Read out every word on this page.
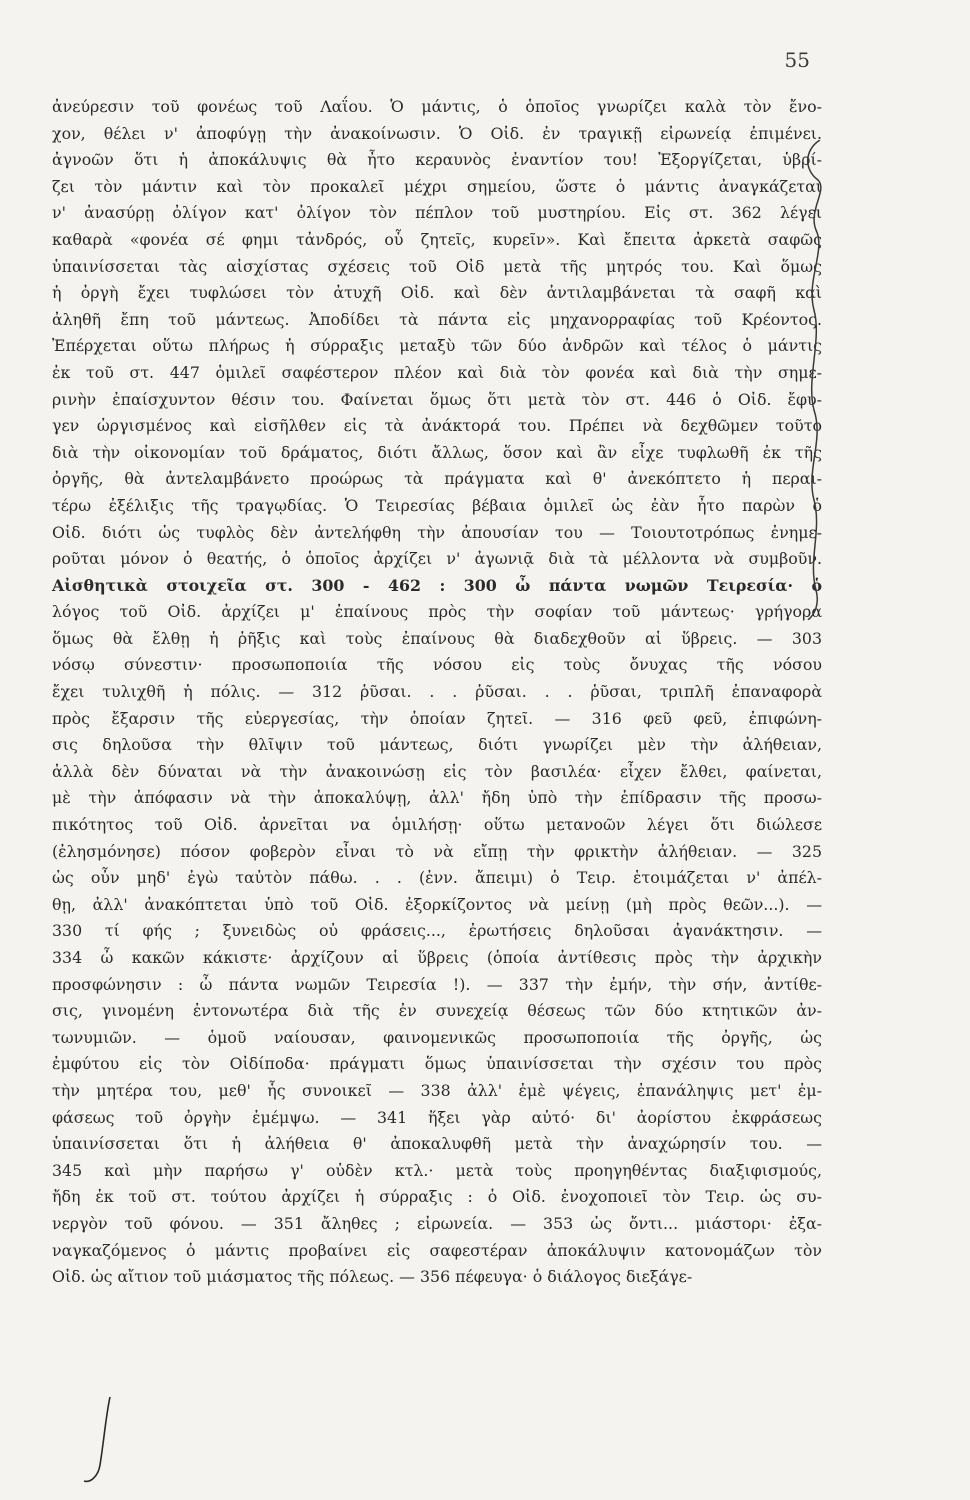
55
ἀνεύρεσιν τοῦ φονέως τοῦ Λαΐου. Ὁ μάντις, ὁ ὁποῖος γνωρίζει καλὰ τὸν ἔνο-
χον, θέλει ν' ἀποφύγῃ τὴν ἀνακοίνωσιν. Ὁ Οἰδ. ἐν τραγικῇ εἰρωνείᾳ ἐπιμένει.
ἀγνοῶν ὅτι ἡ ἀποκάλυψις θὰ ἦτο κεραυνὸς ἐναντίον του! Ἐξοργίζεται, ὑβρί-
ζει τὸν μάντιν καὶ τὸν προκαλεῖ μέχρι σημείου, ὥστε ὁ μάντις ἀναγκάζεται
ν' ἀνασύρῃ ὀλίγον κατ' ὀλίγον τὸν πέπλον τοῦ μυστηρίου. Εἰς στ. 362 λέγει
καθαρὰ «φονέα σέ φημι τἀνδρός, οὗ ζητεῖς, κυρεῖν». Καὶ ἔπειτα ἀρκετὰ σαφῶς
ὑπαινίσσεται τὰς αἰσχίστας σχέσεις τοῦ Οἰδ μετὰ τῆς μητρός του. Καὶ ὅμως
ἡ ὀργὴ ἔχει τυφλώσει τὸν ἀτυχῆ Οἰδ. καὶ δὲν ἀντιλαμβάνεται τὰ σαφῆ καὶ
ἀληθῆ ἔπη τοῦ μάντεως. Ἀποδίδει τὰ πάντα εἰς μηχανορραφίας τοῦ Κρέοντος.
Ἐπέρχεται οὕτω πλήρως ἡ σύρραξις μεταξὺ τῶν δύο ἀνδρῶν καὶ τέλος ὁ μάντις
ἐκ τοῦ στ. 447 ὁμιλεῖ σαφέστερον πλέον καὶ διὰ τὸν φονέα καὶ διὰ τὴν σημε-
ρινὴν ἐπαίσχυντον θέσιν του. Φαίνεται ὅμως ὅτι μετὰ τὸν στ. 446 ὁ Οἰδ. ἔφυ-
γεν ὠργισμένος καὶ εἰσῆλθεν εἰς τὰ ἀνάκτορά του. Πρέπει νὰ δεχθῶμεν τοῦτο
διὰ τὴν οἰκονομίαν τοῦ δράματος, διότι ἄλλως, ὅσον καὶ ἂν εἶχε τυφλωθῆ ἐκ τῆς
ὀργῆς, θὰ ἀντελαμβάνετο προώρως τὰ πράγματα καὶ θ' ἀνεκόπτετο ἡ περαι-
τέρω ἐξέλιξις τῆς τραγῳδίας. Ὁ Τειρεσίας βέβαια ὁμιλεῖ ὡς ἐὰν ἦτο παρὼν ὁ
Οἰδ. διότι ὡς τυφλὸς δὲν ἀντελήφθη τὴν ἀπουσίαν του — Τοιουτοτρόπως ἐνημε-
ροῦται μόνον ὁ θεατής, ὁ ὁποῖος ἀρχίζει ν' ἀγωνιᾷ διὰ τὰ μέλλοντα νὰ συμβοῦν.
Αἰσθητικὰ στοιχεῖα στ. 300 - 462 : 300 ὦ πάντα νωμῶν Τειρεσία· ὁ
λόγος τοῦ Οἰδ. ἀρχίζει μ' ἐπαίνους πρὸς τὴν σοφίαν τοῦ μάντεως· γρήγορα
ὅμως θὰ ἔλθῃ ἡ ῥῆξις καὶ τοὺς ἐπαίνους θὰ διαδεχθοῦν αἱ ὕβρεις. — 303
νόσῳ σύνεστιν· προσωποποιία τῆς νόσου εἰς τοὺς ὄνυχας τῆς νόσου
ἔχει τυλιχθῆ ἡ πόλις. — 312 ῥῦσαι. . . ῥῦσαι. . . ῥῦσαι, τριπλῆ ἐπαναφορὰ
πρὸς ἔξαρσιν τῆς εὐεργεσίας, τὴν ὁποίαν ζητεῖ. — 316 φεῦ φεῦ, ἐπιφώνη-
σις δηλοῦσα τὴν θλῖψιν τοῦ μάντεως, διότι γνωρίζει μὲν τὴν ἀλήθειαν,
ἀλλὰ δὲν δύναται νὰ τὴν ἀνακοινώσῃ εἰς τὸν βασιλέα· εἶχεν ἔλθει, φαίνεται,
μὲ τὴν ἀπόφασιν νὰ τὴν ἀποκαλύψῃ, ἀλλ' ἤδη ὑπὸ τὴν ἐπίδρασιν τῆς προσω-
πικότητος τοῦ Οἰδ. ἀρνεῖται να ὁμιλήσῃ· οὕτω μετανοῶν λέγει ὅτι διώλεσε
(ἐλησμόνησε) πόσον φοβερὸν εἶναι τὸ νὰ εἴπῃ τὴν φρικτὴν ἀλήθειαν. — 325
ὡς οὖν μηδ' ἐγὼ ταὐτὸν πάθω. . . (ἐνν. ἄπειμι) ὁ Τειρ. ἑτοιμάζεται ν' ἀπέλ-
θῃ, ἀλλ' ἀνακόπτεται ὑπὸ τοῦ Οἰδ. ἐξορκίζοντος νὰ μείνῃ (μὴ πρὸς θεῶν...). —
330 τί φής ; ξυνειδὼς οὐ φράσεις..., ἐρωτήσεις δηλοῦσαι ἀγανάκτησιν. —
334 ὦ κακῶν κάκιστε· ἀρχίζουν αἱ ὕβρεις (ὁποία ἀντίθεσις πρὸς τὴν ἀρχικὴν
προσφώνησιν : ὦ πάντα νωμῶν Τειρεσία !). — 337 τὴν ἐμήν, τὴν σήν, ἀντίθε-
σις, γινομένη ἐντονωτέρα διὰ τῆς ἐν συνεχείᾳ θέσεως τῶν δύο κτητικῶν ἀν-
τωνυμιῶν. — ὁμοῦ ναίουσαν, φαινομενικῶς προσωποποιία τῆς ὀργῆς, ὡς
ἐμφύτου εἰς τὸν Οἰδίποδα· πράγματι ὅμως ὑπαινίσσεται τὴν σχέσιν του πρὸς
τὴν μητέρα του, μεθ' ἧς συνοικεῖ — 338 ἀλλ' ἐμὲ ψέγεις, ἐπανάληψις μετ' ἐμ-
φάσεως τοῦ ὀργὴν ἐμέμψω. — 341 ἥξει γὰρ αὐτό· δι' ἀορίστου ἐκφράσεως
ὑπαινίσσεται ὅτι ἡ ἀλήθεια θ' ἀποκαλυφθῆ μετὰ τὴν ἀναχώρησίν του. —
345 καὶ μὴν παρήσω γ' οὐδὲν κτλ.· μετὰ τοὺς προηγηθέντας διαξιφισμούς,
ἤδη ἐκ τοῦ στ. τούτου ἀρχίζει ἡ σύρραξις : ὁ Οἰδ. ἐνοχοποιεῖ τὸν Τειρ. ὡς συ-
νεργὸν τοῦ φόνου. — 351 ἄληθες ; εἰρωνεία. — 353 ὡς ὄντι... μιάστορι· ἐξα-
ναγκαζόμενος ὁ μάντις προβαίνει εἰς σαφεστέραν ἀποκάλυψιν κατονομάζων τὸν
Οἰδ. ὡς αἴτιον τοῦ μιάσματος τῆς πόλεως. — 356 πέφευγα· ὁ διάλογος διεξάγε-
